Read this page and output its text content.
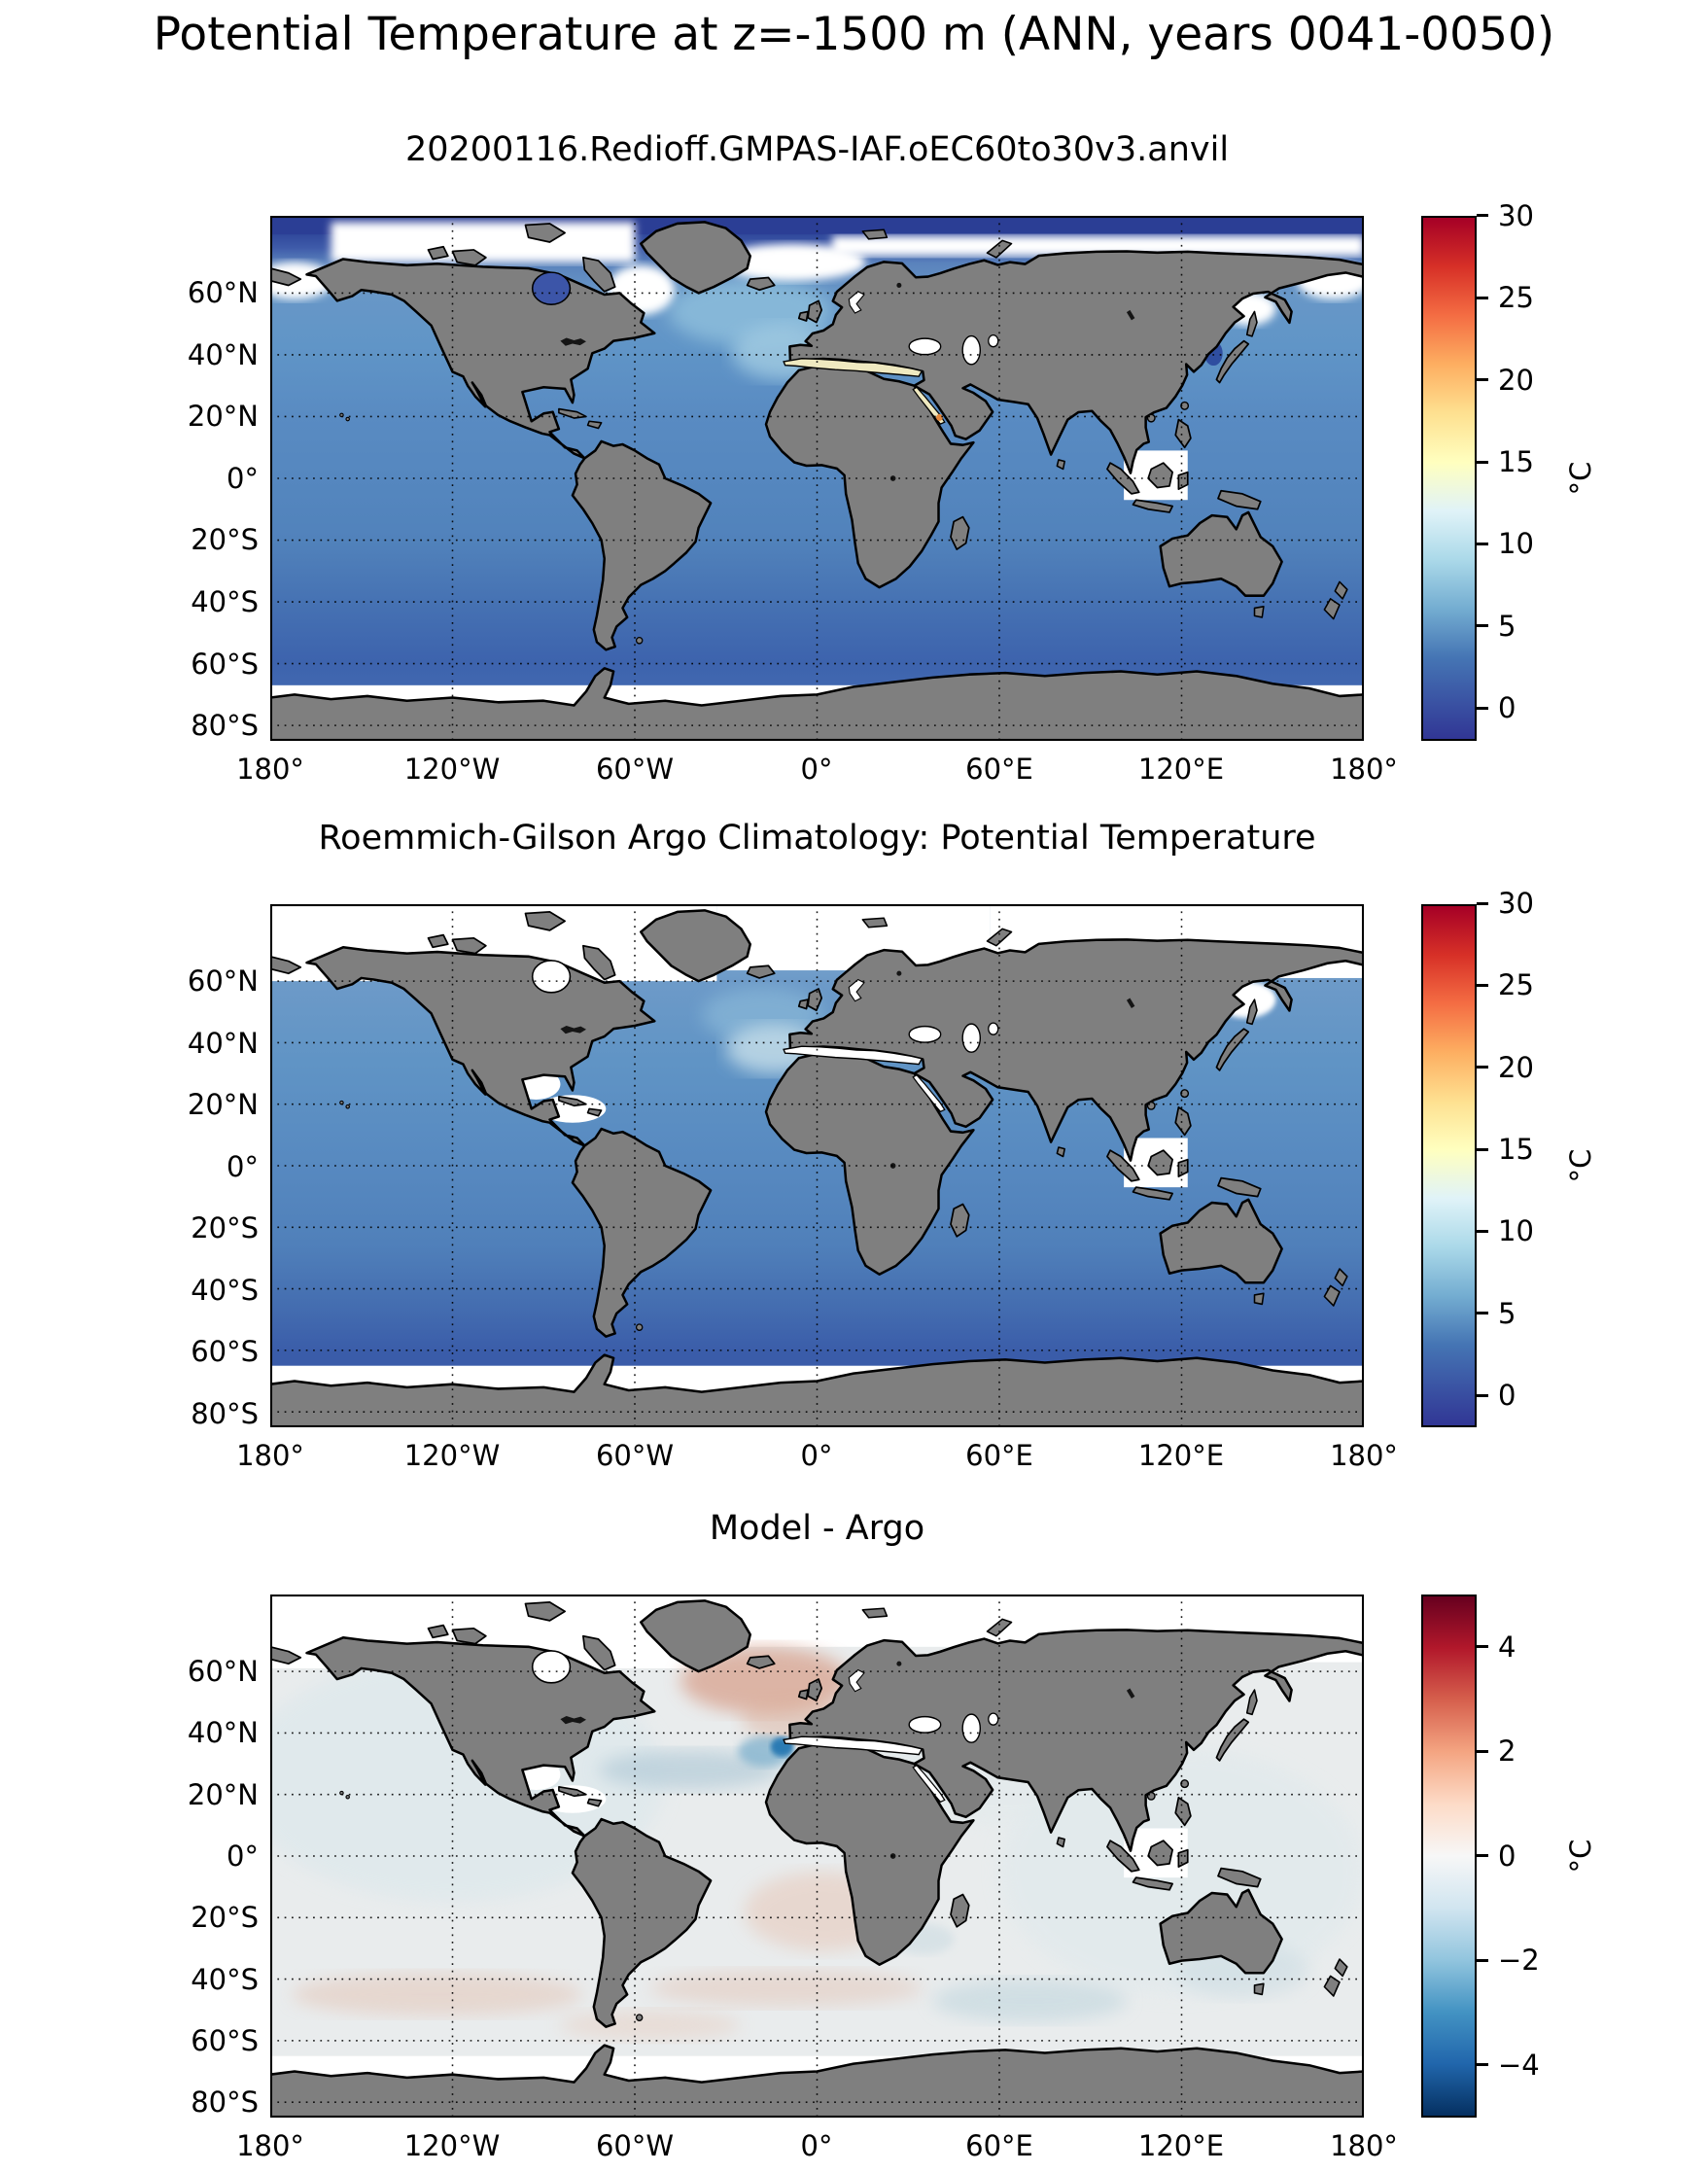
Potential Temperature at z=-1500 m (ANN, years 0041-0050)
20200116.Redioff.GMPAS-IAF.oEC60to30v3.anvil
Roemmich-Gilson Argo Climatology: Potential Temperature
Model - Argo
30
25
20
15
10
5
0
°C
30
25
20
15
10
5
0
°C
4
2
0
−2
−4
°C
60°N
40°N
20°N
0°
20°S
40°S
60°S
80°S
60°N
40°N
20°N
0°
20°S
40°S
60°S
80°S
60°N
40°N
20°N
0°
20°S
40°S
60°S
80°S
180°	120°W	60°W	0°	60°E	120°E	180°
180°	120°W	60°W	0°	60°E	120°E	180°
180°	120°W	60°W	0°	60°E	120°E	180°
